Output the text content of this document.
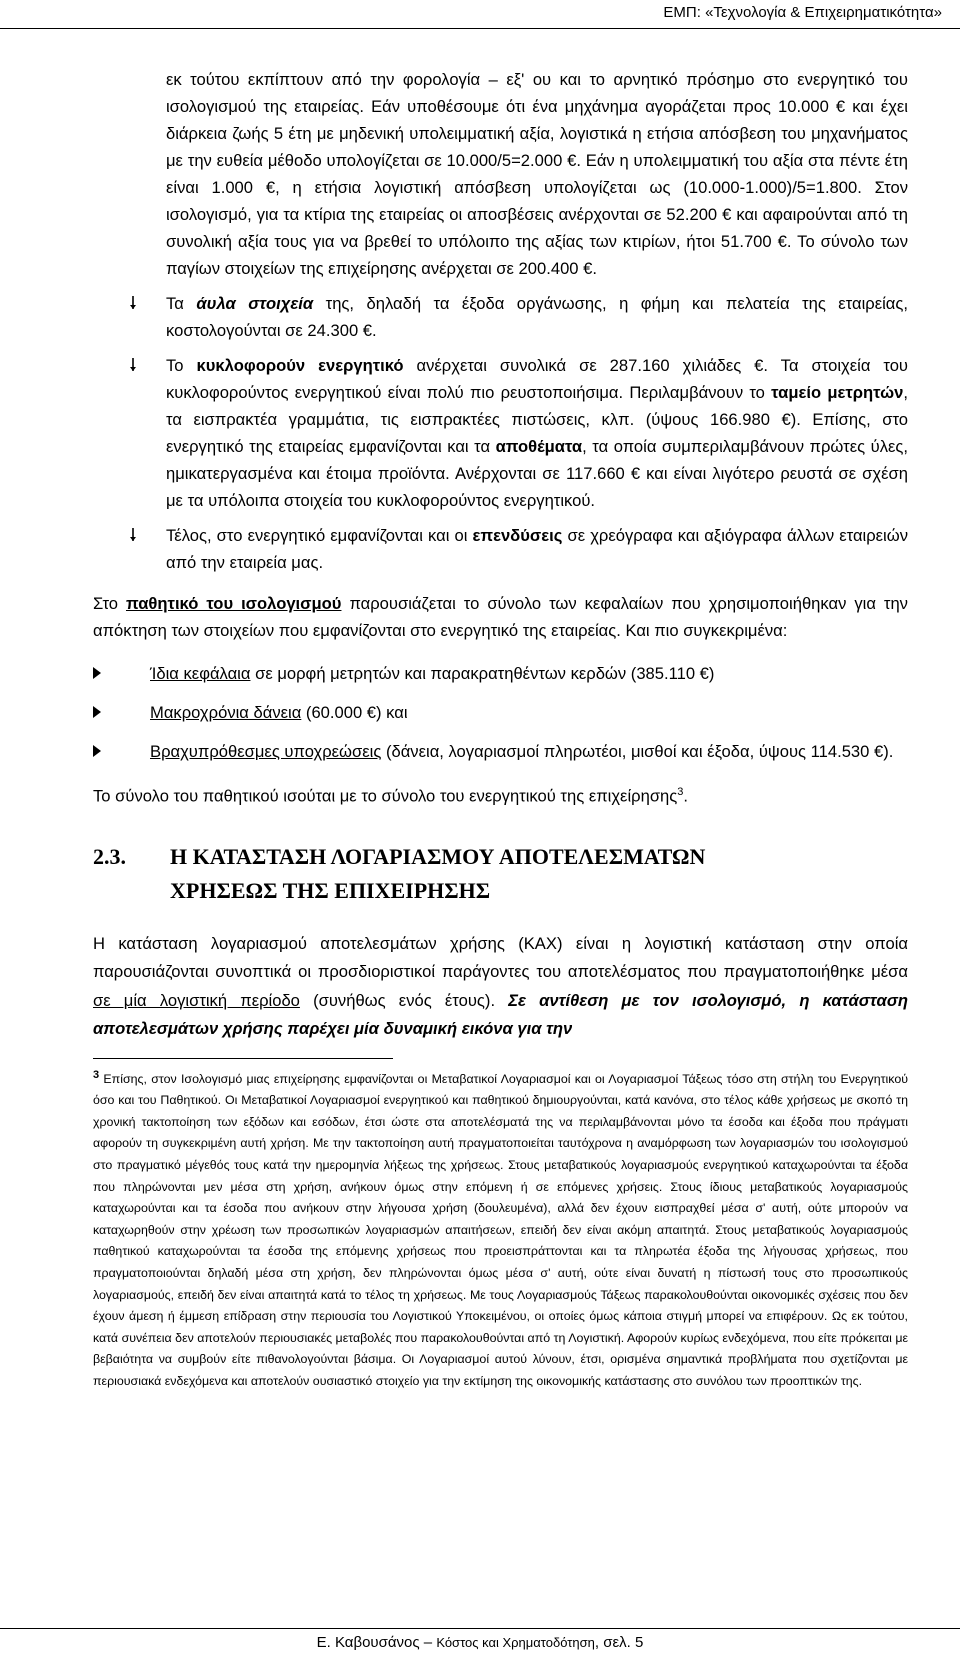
ΕΜΠ: «Τεχνολογία & Επιχειρηματικότητα»

εκ τούτου εκπίπτουν από την φορολογία – εξ' ου και το αρνητικό πρόσημο στο ενεργητικό του ισολογισμού της εταιρείας. Εάν υποθέσουμε ότι ένα μηχάνημα αγοράζεται προς 10.000 € και έχει διάρκεια ζωής 5 έτη με μηδενική υπολειμματική αξία, λογιστικά η ετήσια απόσβεση του μηχανήματος με την ευθεία μέθοδο υπολογίζεται σε 10.000/5=2.000 €. Εάν η υπολειμματική του αξία στα πέντε έτη είναι 1.000 €, η ετήσια λογιστική απόσβεση υπολογίζεται ως (10.000-1.000)/5=1.800. Στον ισολογισμό, για τα κτίρια της εταιρείας οι αποσβέσεις ανέρχονται σε 52.200 € και αφαιρούνται από τη συνολική αξία τους για να βρεθεί το υπόλοιπο της αξίας των κτιρίων, ήτοι 51.700 €. Το σύνολο των παγίων στοιχείων της επιχείρησης ανέρχεται σε 200.400 €.

Τα άυλα στοιχεία της, δηλαδή τα έξοδα οργάνωσης, η φήμη και πελατεία της εταιρείας, κοστολογούνται σε 24.300 €.

Το κυκλοφορούν ενεργητικό ανέρχεται συνολικά σε 287.160 χιλιάδες €. Τα στοιχεία του κυκλοφορούντος ενεργητικού είναι πολύ πιο ρευστοποιήσιμα. Περιλαμβάνουν το ταμείο μετρητών, τα εισπρακτέα γραμμάτια, τις εισπρακτέες πιστώσεις, κλπ. (ύψους 166.980 €). Επίσης, στο ενεργητικό της εταιρείας εμφανίζονται και τα αποθέματα, τα οποία συμπεριλαμβάνουν πρώτες ύλες, ημικατεργασμένα και έτοιμα προϊόντα. Ανέρχονται σε 117.660 € και είναι λιγότερο ρευστά σε σχέση με τα υπόλοιπα στοιχεία του κυκλοφορούντος ενεργητικού.

Τέλος, στο ενεργητικό εμφανίζονται και οι επενδύσεις σε χρεόγραφα και αξιόγραφα άλλων εταιρειών από την εταιρεία μας.

Στο παθητικό του ισολογισμού παρουσιάζεται το σύνολο των κεφαλαίων που χρησιμοποιήθηκαν για την απόκτηση των στοιχείων που εμφανίζονται στο ενεργητικό της εταιρείας. Και πιο συγκεκριμένα:

Ίδια κεφάλαια σε μορφή μετρητών και παρακρατηθέντων κερδών (385.110 €)

Μακροχρόνια δάνεια (60.000 €) και

Βραχυπρόθεσμες υποχρεώσεις (δάνεια, λογαριασμοί πληρωτέοι, μισθοί και έξοδα, ύψους 114.530 €).

Το σύνολο του παθητικού ισούται με το σύνολο του ενεργητικού της επιχείρησης$^3$.

2.3. Η ΚΑΤΑΣΤΑΣΗ ΛΟΓΑΡΙΑΣΜΟΥ ΑΠΟΤΕΛΕΣΜΑΤΩΝ
ΧΡΗΣΕΩΣ ΤΗΣ ΕΠΙΧΕΙΡΗΣΗΣ

Η κατάσταση λογαριασμού αποτελεσμάτων χρήσης (ΚΑΧ) είναι η λογιστική κατάσταση στην οποία παρουσιάζονται συνοπτικά οι προσδιοριστικοί παράγοντες του αποτελέσματος που πραγματοποιήθηκε μέσα σε μία λογιστική περίοδο (συνήθως ενός έτους). Σε αντίθεση με τον ισολογισμό, η κατάσταση αποτελεσμάτων χρήσης παρέχει μία δυναμική εικόνα για την

$^3$ Επίσης, στον Ισολογισμό μιας επιχείρησης εμφανίζονται οι Μεταβατικοί Λογαριασμοί και οι Λογαριασμοί Τάξεως τόσο στη στήλη του Ενεργητικού όσο και του Παθητικού. Οι Μεταβατικοί Λογαριασμοί ενεργητικού και παθητικού δημιουργούνται, κατά κανόνα, στο τέλος κάθε χρήσεως με σκοπό τη χρονική τακτοποίηση των εξόδων και εσόδων, έτσι ώστε στα αποτελέσματά της να περιλαμβάνονται μόνο τα έσοδα και έξοδα που πράγματι αφορούν τη συγκεκριμένη αυτή χρήση. Με την τακτοποίηση αυτή πραγματοποιείται ταυτόχρονα η αναμόρφωση των λογαριασμών του ισολογισμού στο πραγματικό μέγεθός τους κατά την ημερομηνία λήξεως της χρήσεως. Στους μεταβατικούς λογαριασμούς ενεργητικού καταχωρούνται τα έξοδα που πληρώνονται μεν μέσα στη χρήση, ανήκουν όμως στην επόμενη ή σε επόμενες χρήσεις. Στους ίδιους μεταβατικούς λογαριασμούς καταχωρούνται και τα έσοδα που ανήκουν στην λήγουσα χρήση (δουλευμένα), αλλά δεν έχουν εισπραχθεί μέσα σ' αυτή, ούτε μπορούν να καταχωρηθούν στην χρέωση των προσωπικών λογαριασμών απαιτήσεων, επειδή δεν είναι ακόμη απαιτητά. Στους μεταβατικούς λογαριασμούς παθητικού καταχωρούνται τα έσοδα της επόμενης χρήσεως που προεισπράττονται και τα πληρωτέα έξοδα της λήγουσας χρήσεως, που πραγματοποιούνται δηλαδή μέσα στη χρήση, δεν πληρώνονται όμως μέσα σ' αυτή, ούτε είναι δυνατή η πίστωσή τους στο προσωπικούς λογαριασμούς, επειδή δεν είναι απαιτητά κατά το τέλος τη χρήσεως. Με τους Λογαριασμούς Τάξεως παρακολουθούνται οικονομικές σχέσεις που δεν έχουν άμεση ή έμμεση επίδραση στην περιουσία του Λογιστικού Υποκειμένου, οι οποίες όμως κάποια στιγμή μπορεί να επιφέρουν. Ως εκ τούτου, κατά συνέπεια δεν αποτελούν περιουσιακές μεταβολές που παρακολουθούνται από τη Λογιστική. Αφορούν κυρίως ενδεχόμενα, που είτε πρόκειται με βεβαιότητα να συμβούν είτε πιθανολογούνται βάσιμα. Οι Λογαριασμοί αυτού λύνουν, έτσι, ορισμένα σημαντικά προβλήματα που σχετίζονται με περιουσιακά ενδεχόμενα και αποτελούν ουσιαστικό στοιχείο για την εκτίμηση της οικονομικής κατάστασης στο συνόλου των προοπτικών της.

Ε. Καβουσάνος – Κόστος και Χρηματοδότηση, σελ. 5
